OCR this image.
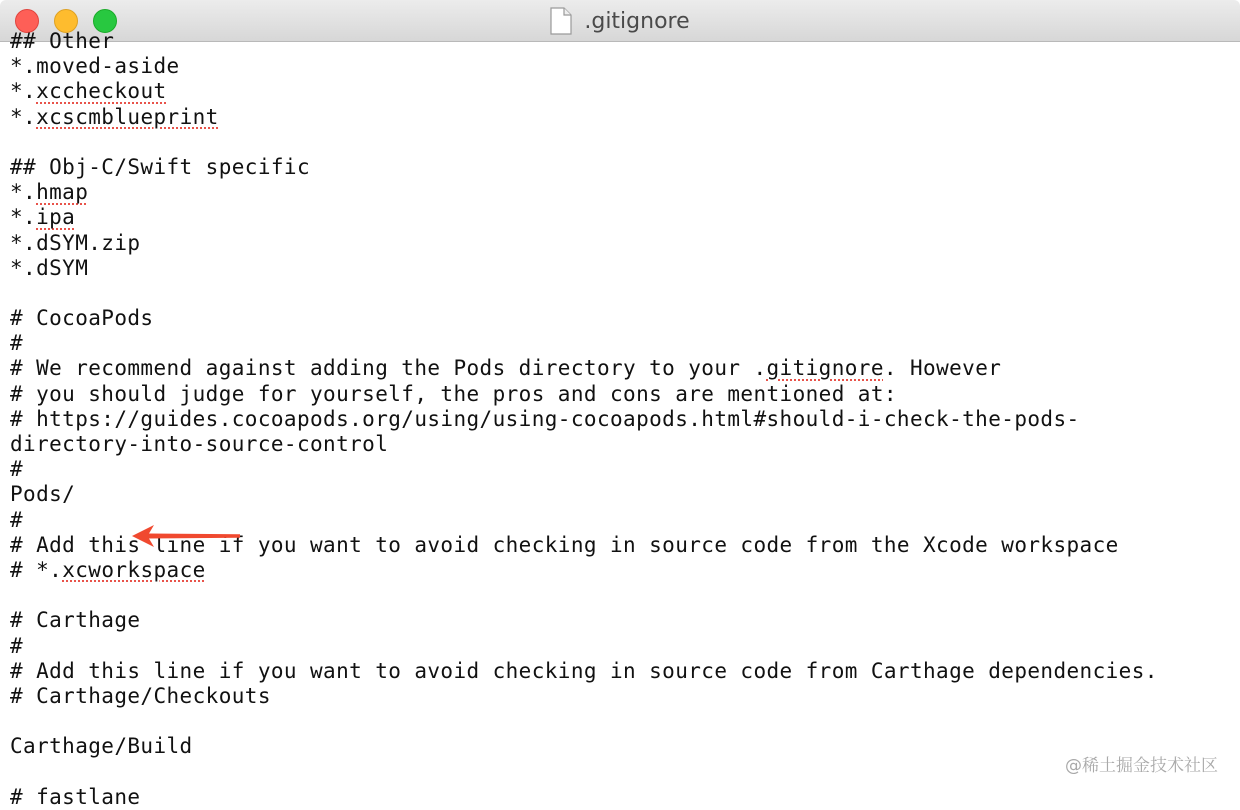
.gitignore
## Other
*.moved-aside
*.xccheckout
*.xcscmblueprint
## Obj-C/Swift specific
*.hmap
*.ipa
*.dSYM.zip
*.dSYM
# CocoaPods
#
# We recommend against adding the Pods directory to your .gitignore. However
# you should judge for yourself, the pros and cons are mentioned at:
# https://guides.cocoapods.org/using/using-cocoapods.html#should-i-check-the-pods-
directory-into-source-control
#
Pods/
#
# Add this line if you want to avoid checking in source code from the Xcode workspace
# *.xcworkspace
# Carthage
#
# Add this line if you want to avoid checking in source code from Carthage dependencies.
# Carthage/Checkouts
Carthage/Build
# fastlane
@稀土掘金技术社区
